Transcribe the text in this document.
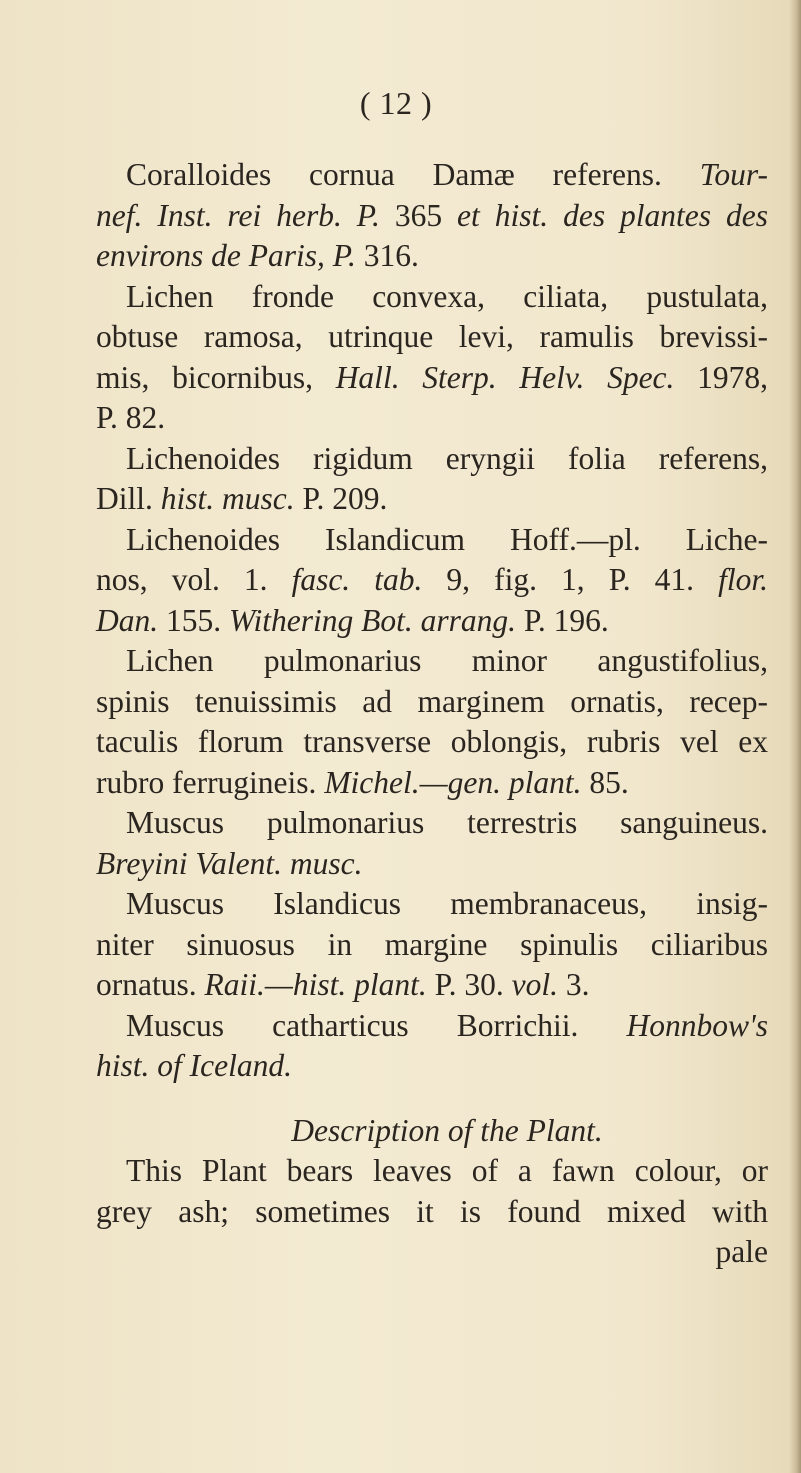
( 12 )
Coralloides cornua Damæ referens. Tour-
nef. Inst. rei herb. P. 365 et hist. des plantes des
environs de Paris, P. 316.
Lichen fronde convexa, ciliata, pustulata,
obtuse ramosa, utrinque levi, ramulis brevissi-
mis, bicornibus, Hall. Sterp. Helv. Spec. 1978,
P. 82.
Lichenoides rigidum eryngii folia referens,
Dill. hist. musc. P. 209.
Lichenoides Islandicum Hoff.—pl. Liche-
nos, vol. 1. fasc. tab. 9, fig. 1, P. 41. flor.
Dan. 155. Withering Bot. arrang. P. 196.
Lichen pulmonarius minor angustifolius,
spinis tenuissimis ad marginem ornatis, recep-
taculis florum transverse oblongis, rubris vel ex
rubro ferrugineis. Michel.—gen. plant. 85.
Muscus pulmonarius terrestris sanguineus.
Breyini Valent. musc.
Muscus Islandicus membranaceus, insig-
niter sinuosus in margine spinulis ciliaribus
ornatus. Raii.—hist. plant. P. 30. vol. 3.
Muscus catharticus Borrichii. Honnbow's
hist. of Iceland.
Description of the Plant.
This Plant bears leaves of a fawn colour, or
grey ash; sometimes it is found mixed with
pale
